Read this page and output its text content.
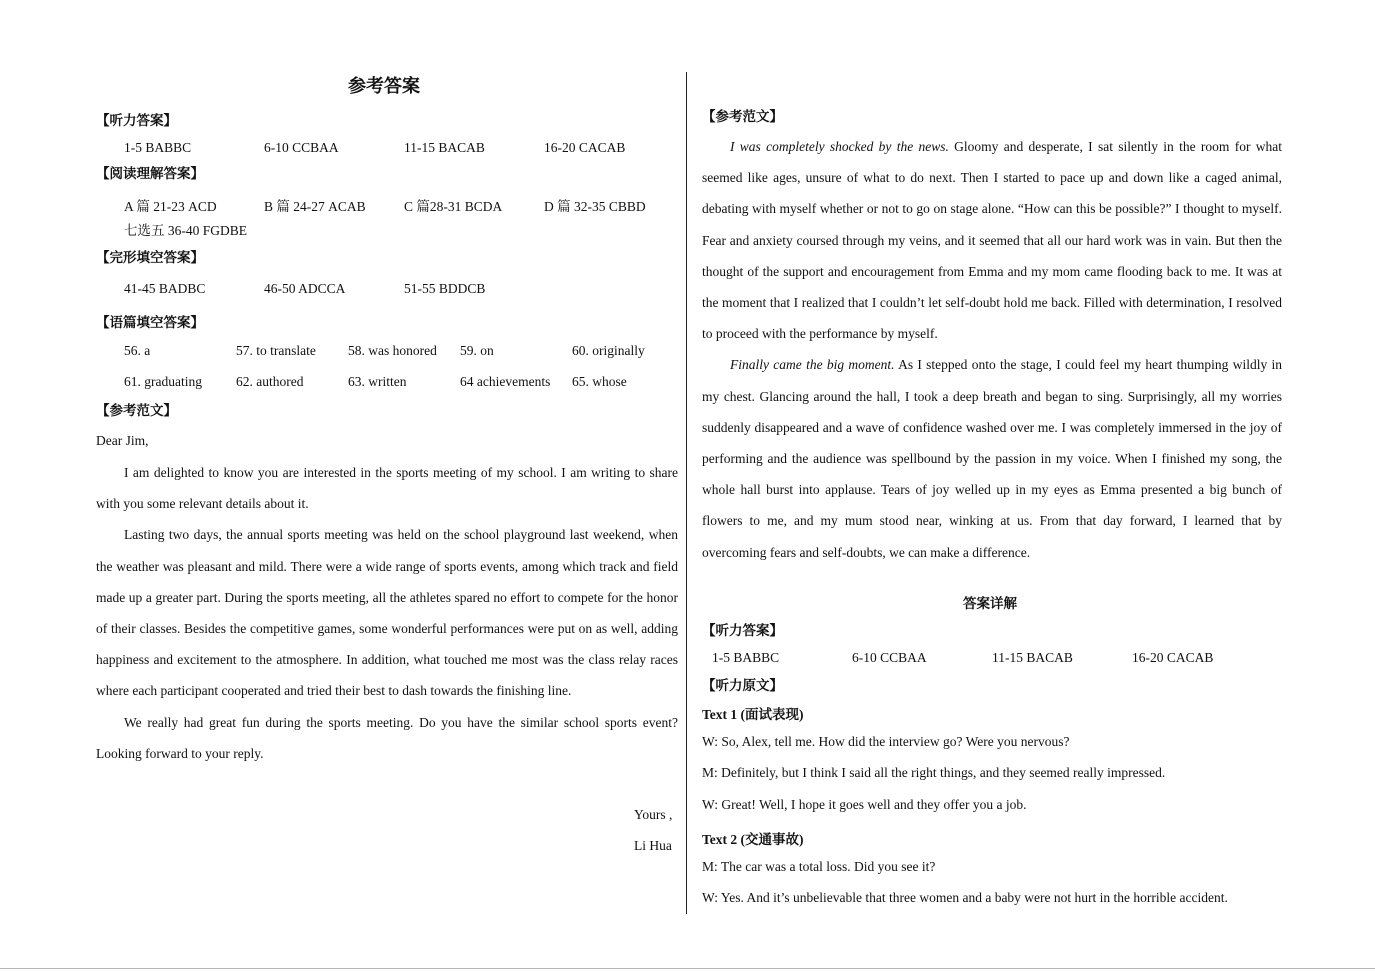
参考答案
【听力答案】
1-5 BABBC	6-10 CCBAA	11-15 BACAB	16-20 CACAB
【阅读理解答案】
A 篇 21-23 ACD	B 篇 24-27 ACAB	C 篇28-31 BCDA	D 篇 32-35 CBBD
七选五 36-40 FGDBE
【完形填空答案】
41-45 BADBC	46-50 ADCCA	51-55 BDDCB
【语篇填空答案】
56. a	57. to translate 58. was honored 59. on	60. originally
61. graduating	62. authored	63. written	64 achievements 65. whose
【参考范文】
Dear Jim,

I am delighted to know you are interested in the sports meeting of my school. I am writing to share with you some relevant details about it.

Lasting two days, the annual sports meeting was held on the school playground last weekend, when the weather was pleasant and mild. There were a wide range of sports events, among which track and field made up a greater part. During the sports meeting, all the athletes spared no effort to compete for the honor of their classes. Besides the competitive games, some wonderful performances were put on as well, adding happiness and excitement to the atmosphere. In addition, what touched me most was the class relay races where each participant cooperated and tried their best to dash towards the finishing line.

We really had great fun during the sports meeting. Do you have the similar school sports event? Looking forward to your reply.

Yours ,
Li Hua
【参考范文】

I was completely shocked by the news. Gloomy and desperate, I sat silently in the room for what seemed like ages, unsure of what to do next. Then I started to pace up and down like a caged animal, debating with myself whether or not to go on stage alone. “How can this be possible?” I thought to myself. Fear and anxiety coursed through my veins, and it seemed that all our hard work was in vain. But then the thought of the support and encouragement from Emma and my mom came flooding back to me. It was at the moment that I realized that I couldn’t let self-doubt hold me back. Filled with determination, I resolved to proceed with the performance by myself.

Finally came the big moment. As I stepped onto the stage, I could feel my heart thumping wildly in my chest. Glancing around the hall, I took a deep breath and began to sing. Surprisingly, all my worries suddenly disappeared and a wave of confidence washed over me. I was completely immersed in the joy of performing and the audience was spellbound by the passion in my voice. When I finished my song, the whole hall burst into applause. Tears of joy welled up in my eyes as Emma presented a big bunch of flowers to me, and my mum stood near, winking at us. From that day forward, I learned that by overcoming fears and self-doubts, we can make a difference.

答案详解
【听力答案】
1-5 BABBC	6-10 CCBAA	11-15 BACAB	16-20 CACAB
【听力原文】
Text 1 (面试表现)
W: So, Alex, tell me. How did the interview go? Were you nervous?
M: Definitely, but I think I said all the right things, and they seemed really impressed.
W: Great! Well, I hope it goes well and they offer you a job.
Text 2 (交通事故)
M: The car was a total loss. Did you see it?
W: Yes. And it’s unbelievable that three women and a baby were not hurt in the horrible accident.
